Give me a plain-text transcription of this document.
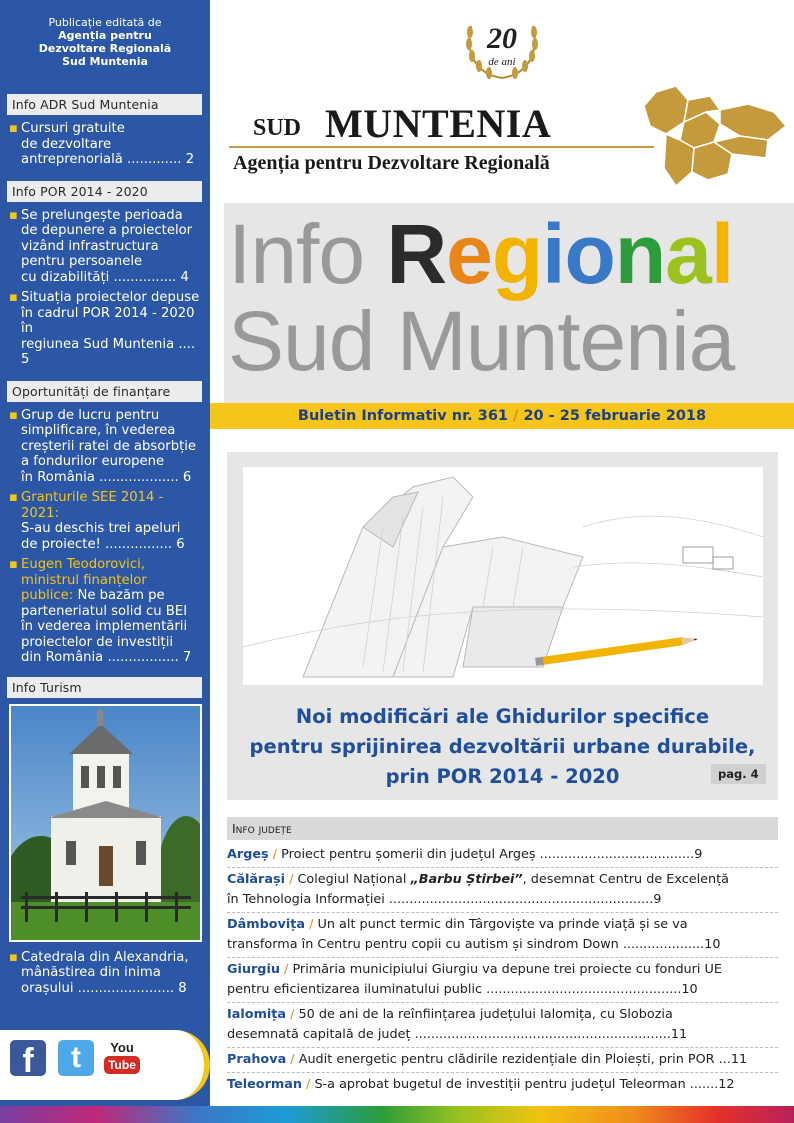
Publicație editată de
Agenția pentru
Dezvoltare Regională
Sud Muntenia
Info ADR Sud Muntenia
▪ Cursuri gratuite
de dezvoltare
antreprenorială ............. 2
Info POR 2014 - 2020
▪ Se prelungește perioada
de depunere a proiectelor
vizând infrastructura
pentru persoanele
cu dizabilități ............... 4
▪ Situația proiectelor depuse
în cadrul POR 2014 - 2020 în
regiunea Sud Muntenia .... 5
Oportunități de finanțare
▪ Grup de lucru pentru
simplificare, în vederea
creșterii ratei de absorbție
a fondurilor europene
în România ................... 6
▪ Granturile SEE 2014 - 2021:
S-au deschis trei apeluri
de proiecte! ................ 6
▪ Eugen Teodorovici, ministrul finanțelor publice: Ne bazăm pe
parteneriatul solid cu BEI
în vederea implementării
proiectelor de investiții
din România ................. 7
Info Turism
▪ Catedrala din Alexandria,
mânăstirea din inima
orașului ....................... 8
f	t	You
Tube
20
de ani
SUD MUNTENIA
Agenția pentru Dezvoltare Regională
Info Regional
Sud Muntenia
Buletin Informativ nr. 361 / 20 - 25 februarie 2018
Noi modificări ale Ghidurilor specifice
pentru sprijinirea dezvoltării urbane durabile,
prin POR 2014 - 2020	pag. 4
Info județe
Argeș / Proiect pentru șomerii din județul Argeș ......................................9
Călărași / Colegiul Național „Barbu Știrbei”, desemnat Centru de Excelență
în Tehnologia Informației .................................................................9
Dâmbovița / Un alt punct termic din Târgoviște va prinde viață și se va
transforma în Centru pentru copii cu autism și sindrom Down ....................10
Giurgiu / Primăria municipiului Giurgiu va depune trei proiecte cu fonduri UE
pentru eficientizarea iluminatului public ................................................10
Ialomița / 50 de ani de la reînființarea județului Ialomița, cu Slobozia
desemnată capitală de județ ...............................................................11
Prahova / Audit energetic pentru clădirile rezidențiale din Ploiești, prin POR ...11
Teleorman / S-a aprobat bugetul de investiții pentru județul Teleorman .......12
